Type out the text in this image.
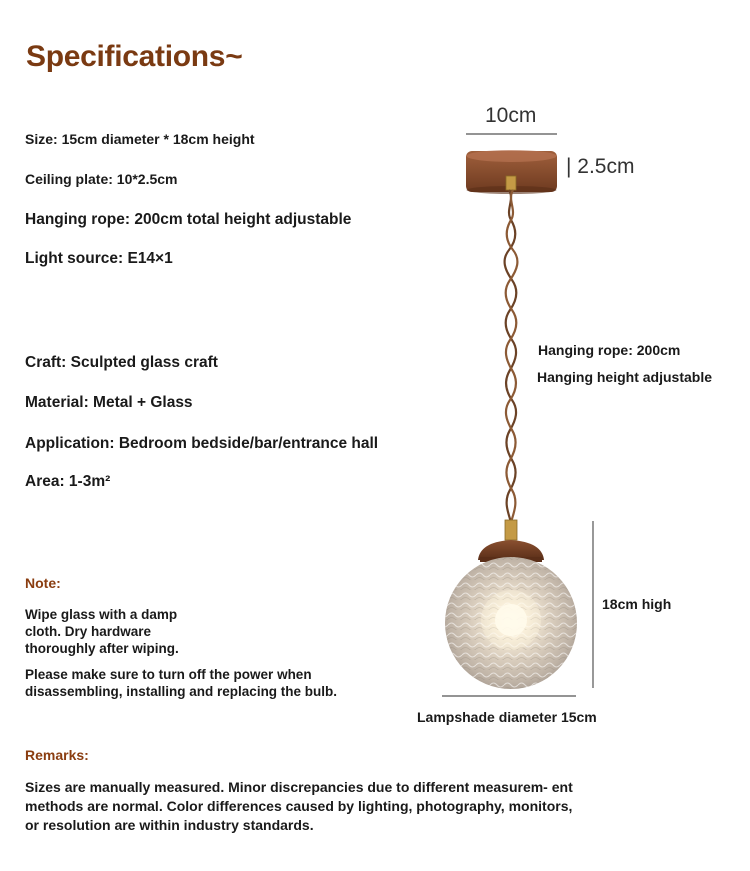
Specifications~
Size: 15cm diameter * 18cm height
Ceiling plate: 10*2.5cm
Hanging rope: 200cm total height adjustable
Light source: E14×1
Craft: Sculpted glass craft
Material: Metal + Glass
Application: Bedroom bedside/bar/entrance hall
Area: 1-3m²
Note:
Wipe glass with a damp
cloth. Dry hardware
thoroughly after wiping.
Please make sure to turn off the power when
disassembling, installing and replacing the bulb.
Remarks:
Sizes are manually measured. Minor discrepancies due to different measurem- ent methods are normal. Color differences caused by lighting, photography, monitors, or resolution are within industry standards.
10cm
| 2.5cm
Hanging rope: 200cm
Hanging height adjustable
18cm high
Lampshade diameter 15cm
